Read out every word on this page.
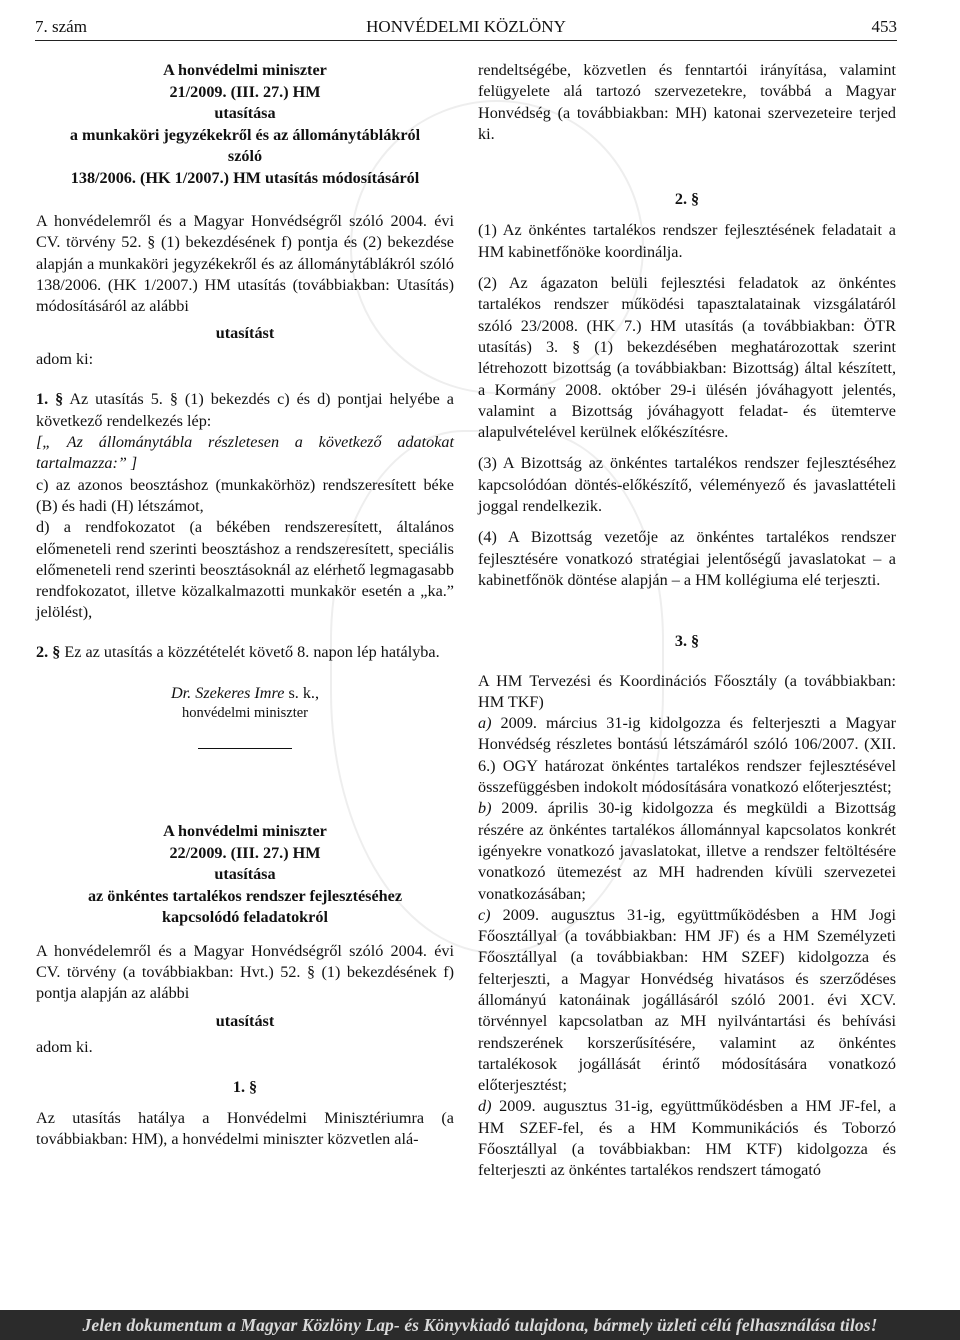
7. szám	HONVÉDELMI KÖZLÖNY	453
A honvédelmi miniszter
21/2009. (III. 27.) HM
utasítása
a munkaköri jegyzékekről és az állománytáblákról
szóló
138/2006. (HK 1/2007.) HM utasítás módosításáról

A honvédelemről és a Magyar Honvédségről szóló 2004. évi CV. törvény 52. § (1) bekezdésének f) pontja és (2) bekezdése alapján a munkaköri jegyzékekről és az állománytáblákról szóló 138/2006. (HK 1/2007.) HM utasítás (továbbiakban: Utasítás) módosításáról az alábbi

utasítást
adom ki:

1. § Az utasítás 5. § (1) bekezdés c) és d) pontjai helyébe a következő rendelkezés lép:

[„ Az állománytábla részletesen a következő adatokat tartalmazza:” ]

c) az azonos beosztáshoz (munkakörhöz) rendszeresített béke (B) és hadi (H) létszámot,

d) a rendfokozatot (a békében rendszeresített, általános előmeneteli rend szerinti beosztáshoz a rendszeresített, speciális előmeneteli rend szerinti beosztásoknál az elérhető legmagasabb rendfokozatot, illetve közalkalmazotti munkakör esetén a „ka.” jelölést),

2. § Ez az utasítás a közzétételét követő 8. napon lép hatályba.

Dr. Szekeres Imre s. k.,
honvédelmi miniszter
A honvédelmi miniszter
22/2009. (III. 27.) HM
utasítása
az önkéntes tartalékos rendszer fejlesztéséhez
kapcsolódó feladatokról

A honvédelemről és a Magyar Honvédségről szóló 2004. évi CV. törvény (a továbbiakban: Hvt.) 52. § (1) bekezdésének f) pontja alapján az alábbi

utasítást
adom ki.
1. §

Az utasítás hatálya a Honvédelmi Minisztériumra (a továbbiakban: HM), a honvédelmi miniszter közvetlen alá-

rendeltségébe, közvetlen és fenntartói irányítása, valamint felügyelete alá tartozó szervezetekre, továbbá a Magyar Honvédség (a továbbiakban: MH) katonai szervezeteire terjed ki.

2. §

(1) Az önkéntes tartalékos rendszer fejlesztésének feladatait a HM kabinetfőnöke koordinálja.

(2) Az ágazaton belüli fejlesztési feladatok az önkéntes tartalékos rendszer működési tapasztalatainak vizsgálatáról szóló 23/2008. (HK 7.) HM utasítás (a továbbiakban: ÖTR utasítás) 3. § (1) bekezdésében meghatározottak szerint létrehozott bizottság (a továbbiakban: Bizottság) által készített, a Kormány 2008. október 29-i ülésén jóváhagyott jelentés, valamint a Bizottság jóváhagyott feladat- és ütemterve alapulvételével kerülnek előkészítésre.

(3) A Bizottság az önkéntes tartalékos rendszer fejlesztéséhez kapcsolódóan döntés-előkészítő, véleményező és javaslattételi joggal rendelkezik.

(4) A Bizottság vezetője az önkéntes tartalékos rendszer fejlesztésére vonatkozó stratégiai jelentőségű javaslatokat – a kabinetfőnök döntése alapján – a HM kollégiuma elé terjeszti.

3. §

A HM Tervezési és Koordinációs Főosztály (a továbbiakban: HM TKF)

a) 2009. március 31-ig kidolgozza és felterjeszti a Magyar Honvédség részletes bontású létszámáról szóló 106/2007. (XII. 6.) OGY határozat önkéntes tartalékos rendszer fejlesztésével összefüggésben indokolt módosítására vonatkozó előterjesztést;

b) 2009. április 30-ig kidolgozza és megküldi a Bizottság részére az önkéntes tartalékos állománnyal kapcsolatos konkrét igényekre vonatkozó javaslatokat, illetve a rendszer feltöltésére vonatkozó ütemezést az MH hadrenden kívüli szervezetei vonatkozásában;

c) 2009. augusztus 31-ig, együttműködésben a HM Jogi Főosztállyal (a továbbiakban: HM JF) és a HM Személyzeti Főosztállyal (a továbbiakban: HM SZEF) kidolgozza és felterjeszti, a Magyar Honvédség hivatásos és szerződéses állományú katonáinak jogállásáról szóló 2001. évi XCV. törvénnyel kapcsolatban az MH nyilvántartási és behívási rendszerének korszerűsítésére, valamint az önkéntes tartalékosok jogállását érintő módosítására vonatkozó előterjesztést;

d) 2009. augusztus 31-ig, együttműködésben a HM JF-fel, a HM SZEF-fel, és a HM Kommunikációs és Toborzó Főosztállyal (a továbbiakban: HM KTF) kidolgozza és felterjeszti az önkéntes tartalékos rendszert támogató

Jelen dokumentum a Magyar Közlöny Lap- és Könyvkiadó tulajdona, bármely üzleti célú felhasználása tilos!
